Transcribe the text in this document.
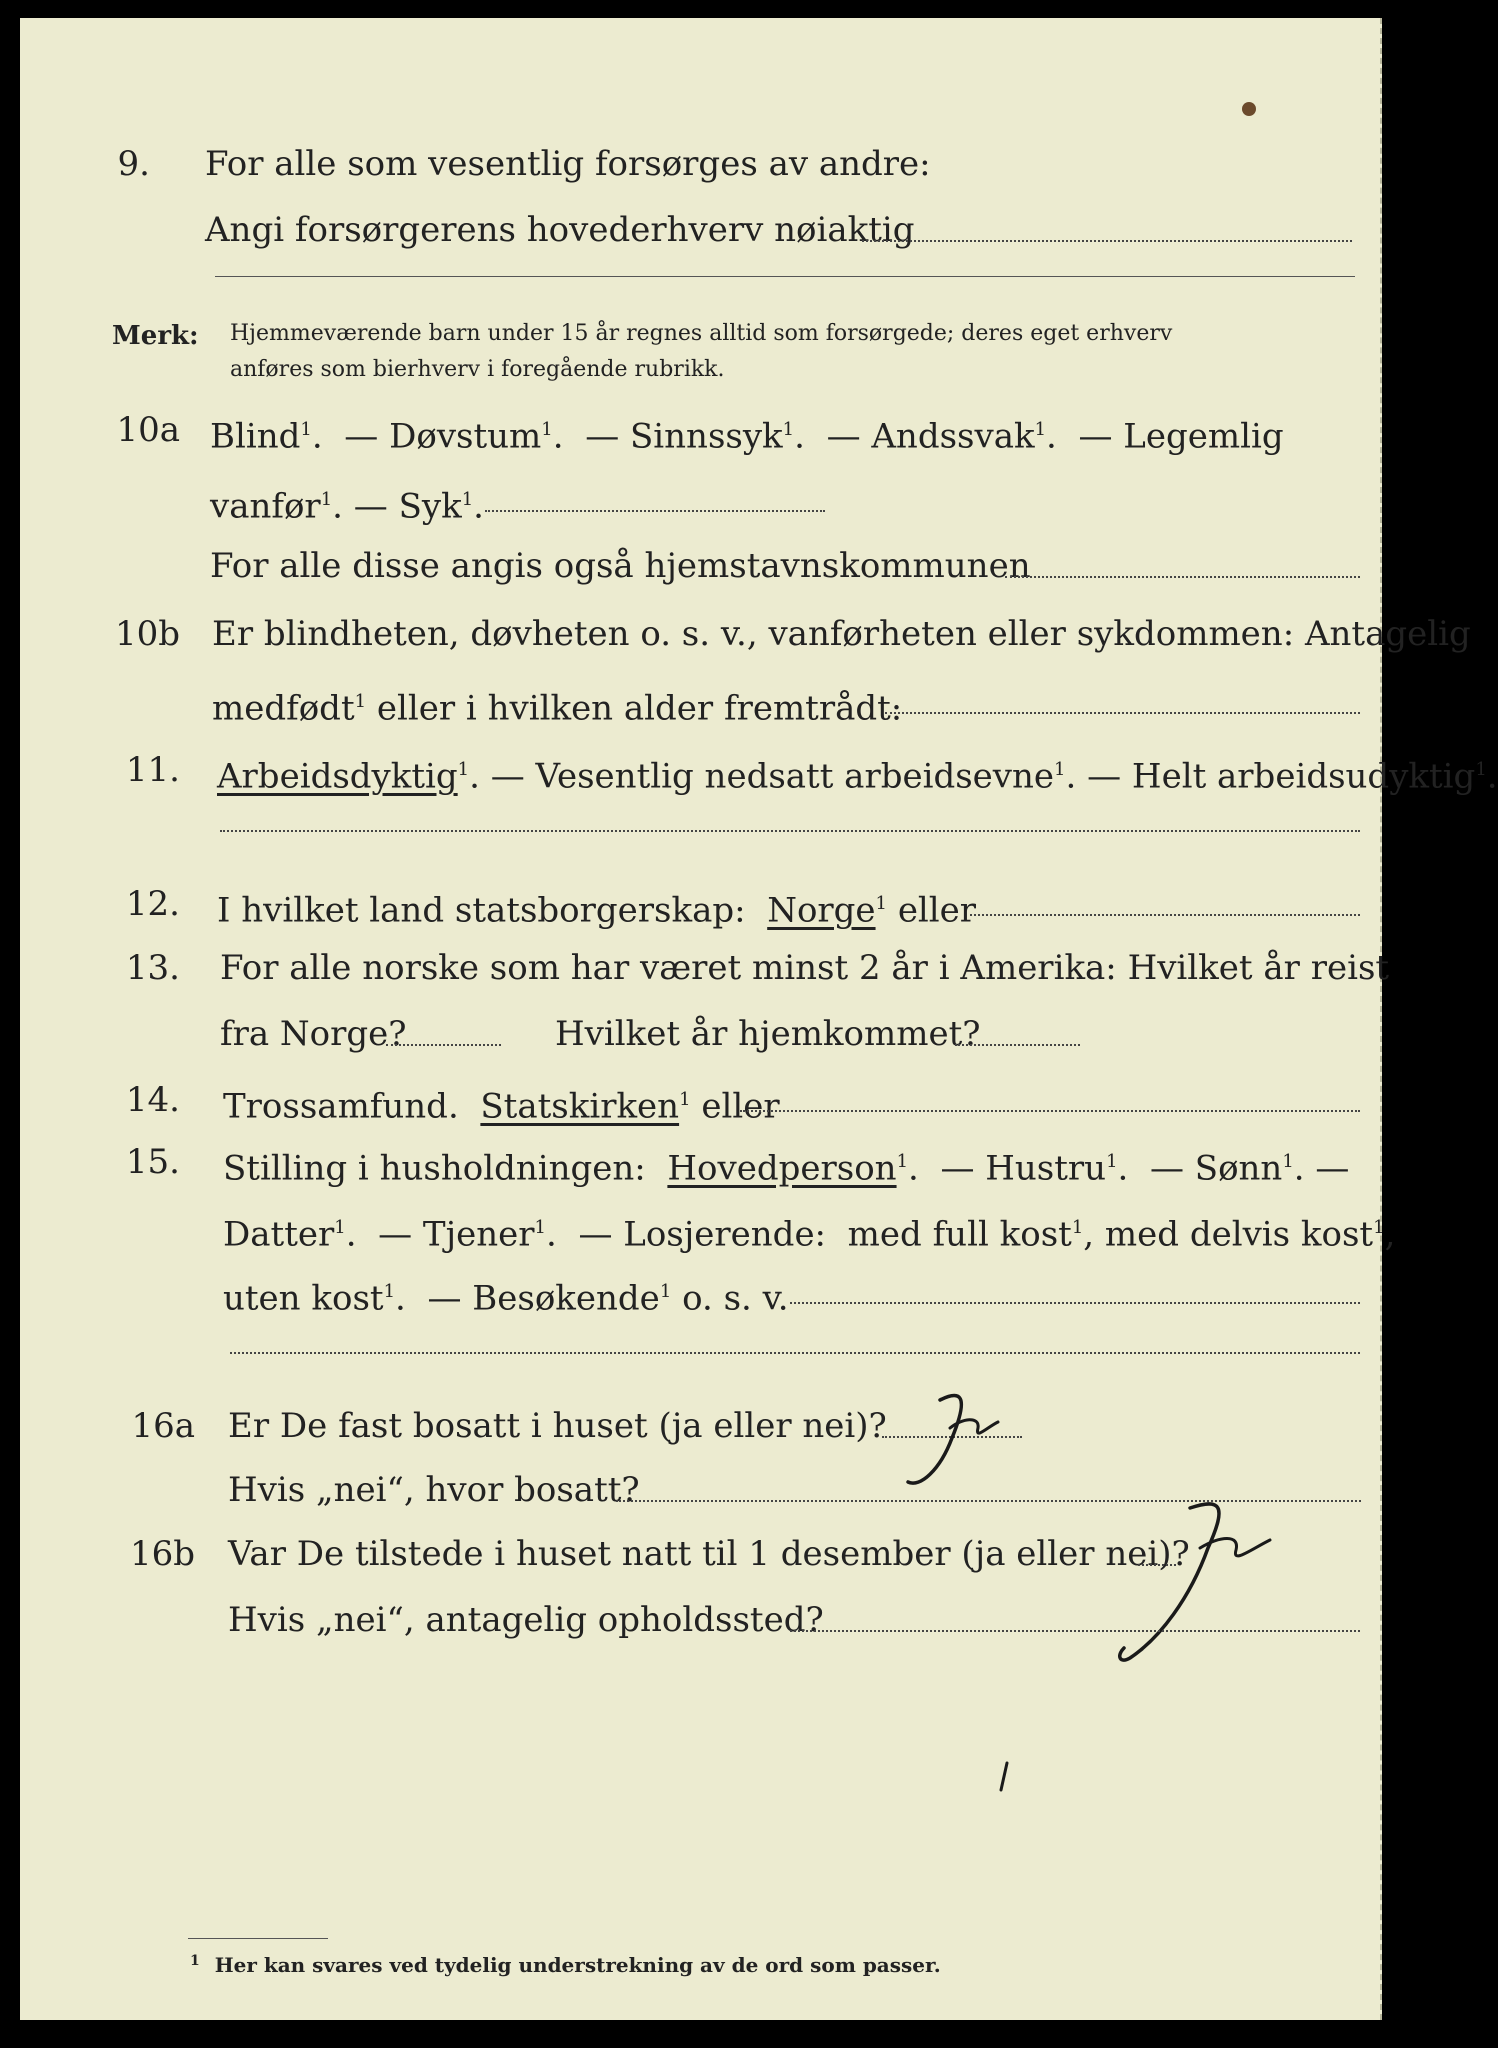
9. For alle som vesentlig forsørges av andre:
Angi forsørgerens hovederhverv nøiaktig
Merk: Hjemmeværende barn under 15 år regnes alltid som forsørgede; deres eget erhverv
anføres som bierhverv i foregående rubrikk.
10a Blind$^1$.  — Døvstum$^1$.  — Sinnssyk$^1$.  — Andssvak$^1$.  — Legemlig
vanfør$^1$. — Syk$^1$.
For alle disse angis også hjemstavnskommunen
10b Er blindheten, døvheten o. s. v., vanførheten eller sykdommen: Antagelig
medfødt$^1$ eller i hvilken alder fremtrådt:
11. Arbeidsdyktig$^1$. — Vesentlig nedsatt arbeidsevne$^1$. — Helt arbeidsudyktig$^1$.
12. I hvilket land statsborgerskap: Norge$^1$ eller
13. For alle norske som har været minst 2 år i Amerika: Hvilket år reist
fra Norge?	Hvilket år hjemkommet?
14. Trossamfund. Statskirken$^1$ eller
15. Stilling i husholdningen: Hovedperson$^1$.  — Hustru$^1$.  — Sønn$^1$. —
Datter$^1$.  — Tjener$^1$.  — Losjerende: med full kost$^1$, med delvis kost$^1$,
uten kost$^1$.  — Besøkende$^1$ o. s. v.
16a Er De fast bosatt i huset (ja eller nei)?
Hvis „nei“, hvor bosatt?
16b Var De tilstede i huset natt til 1 desember (ja eller nei)?
Hvis „nei“, antagelig opholdssted?
$^1$ Her kan svares ved tydelig understrekning av de ord som passer.
